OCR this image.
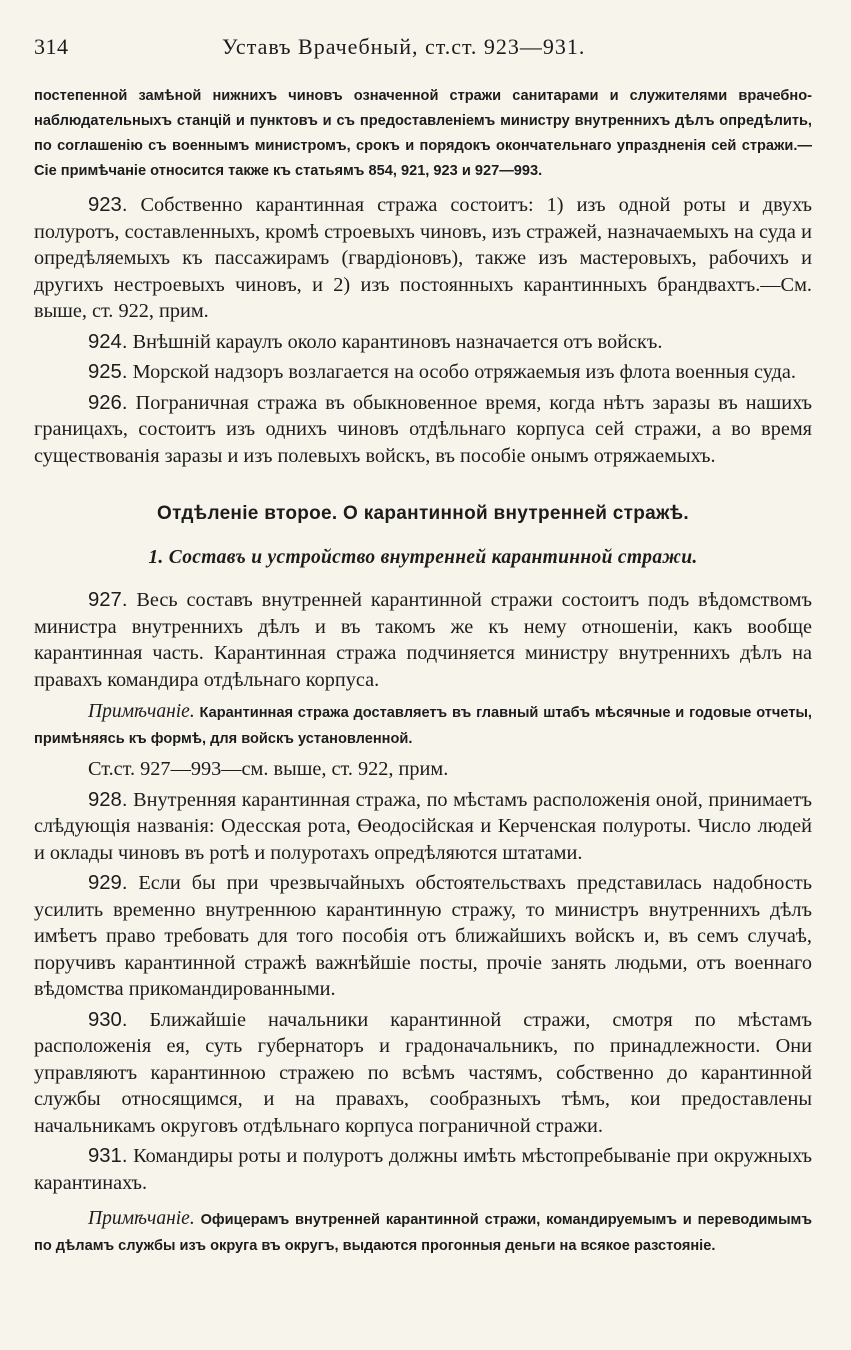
314	Уставъ Врачебный, ст.ст. 923—931.

постепенной замѣной нижнихъ чиновъ означенной стражи санитарами и служителями врачебно-наблюдательныхъ станцій и пунктовъ и съ предоставленіемъ министру внутреннихъ дѣлъ опредѣлить, по соглашенію съ военнымъ министромъ, срокъ и порядокъ окончательнаго упраздненія сей стражи.—Сіе примѣчаніе относится также къ статьямъ 854, 921, 923 и 927—993.

923. Собственно карантинная стража состоитъ: 1) изъ одной роты и двухъ полуротъ, составленныхъ, кромѣ строевыхъ чиновъ, изъ стражей, назначаемыхъ на суда и опредѣляемыхъ къ пассажирамъ (гвардіоновъ), также изъ мастеровыхъ, рабочихъ и другихъ нестроевыхъ чиновъ, и 2) изъ постоянныхъ карантинныхъ брандвахтъ.—См. выше, ст. 922, прим.

924. Внѣшній караулъ около карантиновъ назначается отъ войскъ.

925. Морской надзоръ возлагается на особо отряжаемыя изъ флота военныя суда.

926. Пограничная стража въ обыкновенное время, когда нѣтъ заразы въ нашихъ границахъ, состоитъ изъ однихъ чиновъ отдѣльнаго корпуса сей стражи, а во время существованія заразы и изъ полевыхъ войскъ, въ пособіе онымъ отряжаемыхъ.

Отдѣленіе второе. О карантинной внутренней стражѣ.
1. Составъ и устройство внутренней карантинной стражи.

927. Весь составъ внутренней карантинной стражи состоитъ подъ вѣдомствомъ министра внутреннихъ дѣлъ и въ такомъ же къ нему отношеніи, какъ вообще карантинная часть. Карантинная стража подчиняется министру внутреннихъ дѣлъ на правахъ командира отдѣльнаго корпуса.

Примѣчаніе. Карантинная стража доставляетъ въ главный штабъ мѣсячные и годовые отчеты, примѣняясь къ формѣ, для войскъ установленной.

Ст.ст. 927—993—см. выше, ст. 922, прим.

928. Внутренняя карантинная стража, по мѣстамъ расположенія оной, принимаетъ слѣдующія названія: Одесская рота, Өеодосійская и Керченская полуроты. Число людей и оклады чиновъ въ ротѣ и полуротахъ опредѣляются штатами.

929. Если бы при чрезвычайныхъ обстоятельствахъ представилась надобность усилить временно внутреннюю карантинную стражу, то министръ внутреннихъ дѣлъ имѣетъ право требовать для того пособія отъ ближайшихъ войскъ и, въ семъ случаѣ, поручивъ карантинной стражѣ важнѣйшіе посты, прочіе занять людьми, отъ военнаго вѣдомства прикомандированными.

930. Ближайшіе начальники карантинной стражи, смотря по мѣстамъ расположенія ея, суть губернаторъ и градоначальникъ, по принадлежности. Они управляютъ карантинною стражею по всѣмъ частямъ, собственно до карантинной службы относящимся, и на правахъ, сообразныхъ тѣмъ, кои предоставлены начальникамъ округовъ отдѣльнаго корпуса пограничной стражи.

931. Командиры роты и полуротъ должны имѣть мѣстопребываніе при окружныхъ карантинахъ.

Примѣчаніе. Офицерамъ внутренней карантинной стражи, командируемымъ и переводимымъ по дѣламъ службы изъ округа въ округъ, выдаются прогонныя деньги на всякое разстояніе.
